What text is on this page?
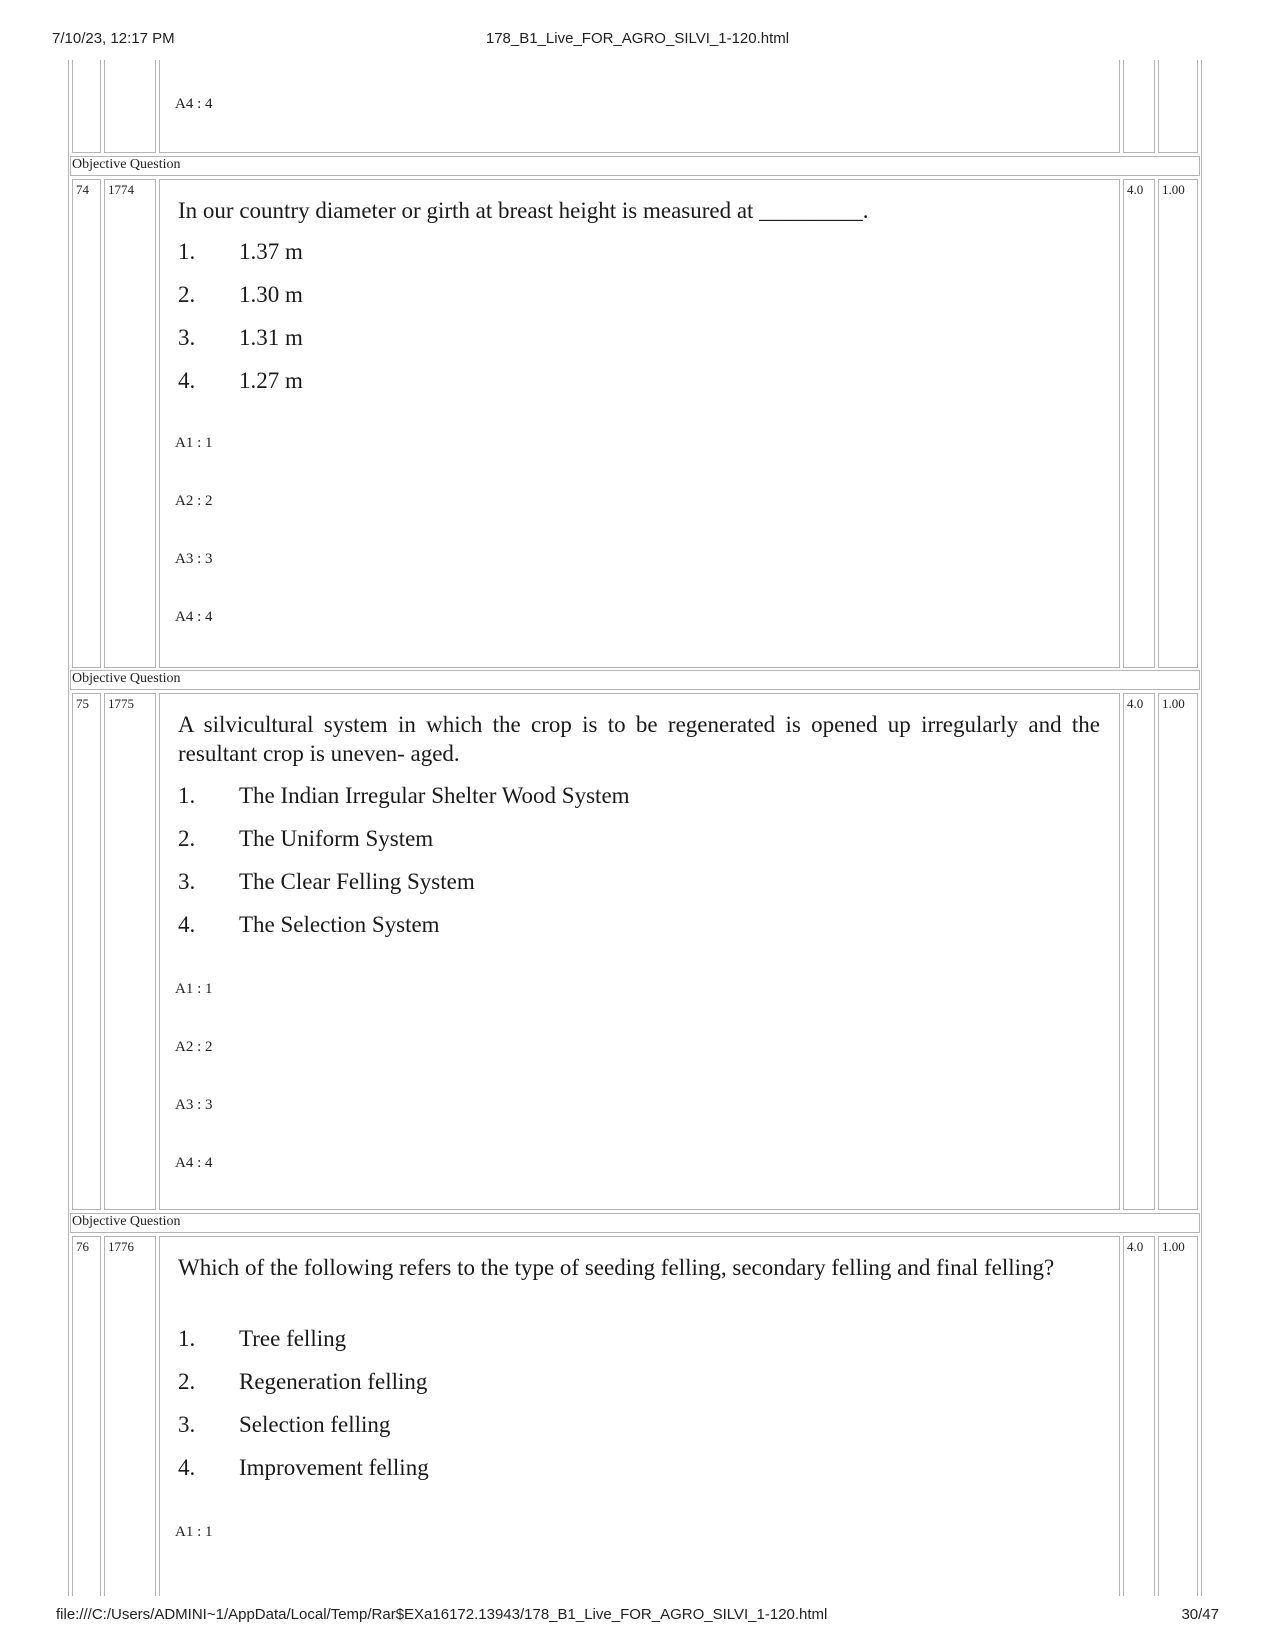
7/10/23, 12:17 PM	178_B1_Live_FOR_AGRO_SILVI_1-120.html
A4 : 4
Objective Question
74 1774	4.0 1.00
In our country diameter or girth at breast height is measured at _________.
1.	1.37 m
2.	1.30 m
3.	1.31 m
4.	1.27 m
A1 : 1
A2 : 2
A3 : 3
A4 : 4
Objective Question
75 1775	4.0 1.00
A silvicultural system in which the crop is to be regenerated is opened up irregularly and the resultant crop is uneven- aged.
1.	The Indian Irregular Shelter Wood System
2.	The Uniform System
3.	The Clear Felling System
4.	The Selection System
A1 : 1
A2 : 2
A3 : 3
A4 : 4
Objective Question
76 1776	4.0 1.00
Which of the following refers to the type of seeding felling, secondary felling and final felling?
1.	Tree felling
2.	Regeneration felling
3.	Selection felling
4.	Improvement felling
A1 : 1
file:///C:/Users/ADMINI~1/AppData/Local/Temp/Rar$EXa16172.13943/178_B1_Live_FOR_AGRO_SILVI_1-120.html	30/47
